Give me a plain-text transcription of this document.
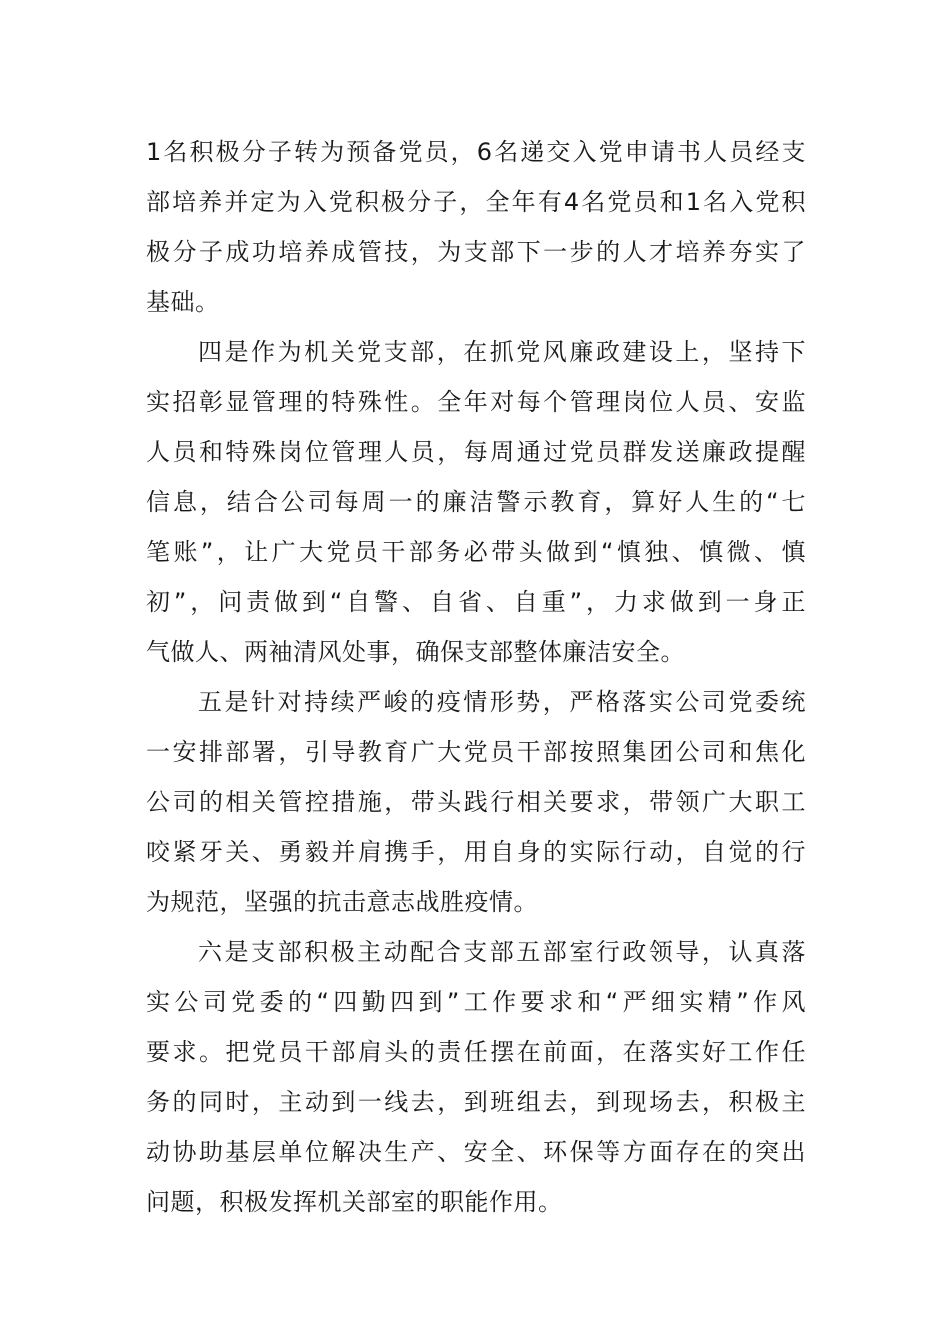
1名积极分子转为预备党员，6名递交入党申请书人员经支
部培养并定为入党积极分子，全年有4名党员和1名入党积
极分子成功培养成管技，为支部下一步的人才培养夯实了
基础。
四是作为机关党支部，在抓党风廉政建设上，坚持下
实招彰显管理的特殊性。全年对每个管理岗位人员、安监
人员和特殊岗位管理人员，每周通过党员群发送廉政提醒
信息，结合公司每周一的廉洁警示教育，算好人生的“七
笔账”，让广大党员干部务必带头做到“慎独、慎微、慎
初”，问责做到“自警、自省、自重”，力求做到一身正
气做人、两袖清风处事，确保支部整体廉洁安全。
五是针对持续严峻的疫情形势，严格落实公司党委统
一安排部署，引导教育广大党员干部按照集团公司和焦化
公司的相关管控措施，带头践行相关要求，带领广大职工
咬紧牙关、勇毅并肩携手，用自身的实际行动，自觉的行
为规范，坚强的抗击意志战胜疫情。
六是支部积极主动配合支部五部室行政领导，认真落
实公司党委的“四勤四到”工作要求和“严细实精”作风
要求。把党员干部肩头的责任摆在前面，在落实好工作任
务的同时，主动到一线去，到班组去，到现场去，积极主
动协助基层单位解决生产、安全、环保等方面存在的突出
问题，积极发挥机关部室的职能作用。
